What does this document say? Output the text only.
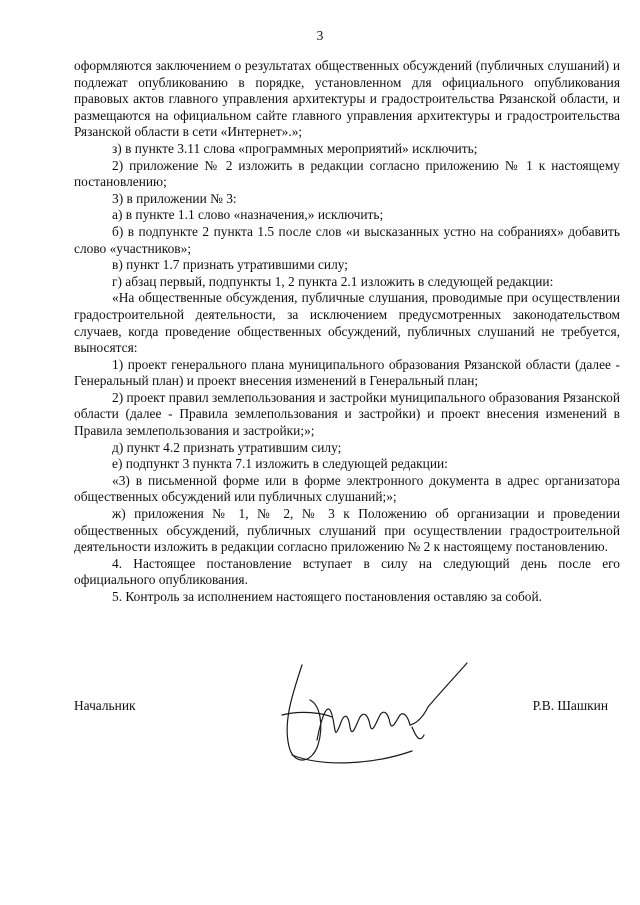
3

оформляются заключением о результатах общественных обсуждений (публичных слушаний) и подлежат опубликованию в порядке, установленном для официального опубликования правовых актов главного управления архитектуры и градостроительства Рязанской области, и размещаются на официальном сайте главного управления архитектуры и градостроительства Рязанской области в сети «Интернет».»;

з) в пункте 3.11 слова «программных мероприятий» исключить;

2) приложение № 2 изложить в редакции согласно приложению № 1 к настоящему постановлению;

3) в приложении № 3:

а) в пункте 1.1 слово «назначения,» исключить;

б) в подпункте 2 пункта 1.5 после слов «и высказанных устно на собраниях» добавить слово «участников»;

в) пункт 1.7 признать утратившими силу;

г) абзац первый, подпункты 1, 2 пункта 2.1 изложить в следующей редакции:

«На общественные обсуждения, публичные слушания, проводимые при осуществлении градостроительной деятельности, за исключением предусмотренных законодательством случаев, когда проведение общественных обсуждений, публичных слушаний не требуется, выносятся:

1) проект генерального плана муниципального образования Рязанской области (далее - Генеральный план) и проект внесения изменений в Генеральный план;

2) проект правил землепользования и застройки муниципального образования Рязанской области (далее - Правила землепользования и застройки) и проект внесения изменений в Правила землепользования и застройки;»;

д) пункт 4.2 признать утратившим силу;

е) подпункт 3 пункта 7.1 изложить в следующей редакции:

«3) в письменной форме или в форме электронного документа в адрес организатора общественных обсуждений или публичных слушаний;»;

ж) приложения № 1, № 2, № 3 к Положению об организации и проведении общественных обсуждений, публичных слушаний при осуществлении градостроительной деятельности изложить в редакции согласно приложению № 2 к настоящему постановлению.

4. Настоящее постановление вступает в силу на следующий день после его официального опубликования.

5. Контроль за исполнением настоящего постановления оставляю за собой.

Начальник	Р.В. Шашкин
